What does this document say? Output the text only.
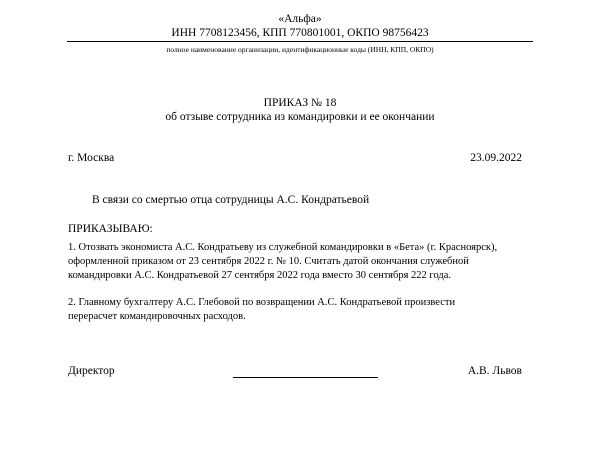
«Альфа»
ИНН 7708123456, КПП 770801001, ОКПО 98756423
полное наименование организации, идентификационные коды (ИНН, КПП, ОКПО)
ПРИКАЗ № 18
об отзыве сотрудника из командировки и ее окончании
г. Москва	23.09.2022
В связи со смертью отца сотрудницы А.С. Кондратьевой
ПРИКАЗЫВАЮ:
1. Отозвать экономиста А.С. Кондратьеву из служебной командировки в «Бета» (г. Красноярск),
оформленной приказом от 23 сентября 2022 г. № 10. Считать датой окончания служебной
командировки А.С. Кондратьевой 27 сентября 2022 года вместо 30 сентября 222 года.
2. Главному бухгалтеру А.С. Глебовой по возвращении А.С. Кондратьевой произвести
перерасчет командировочных расходов.
Директор	А.В. Львов
